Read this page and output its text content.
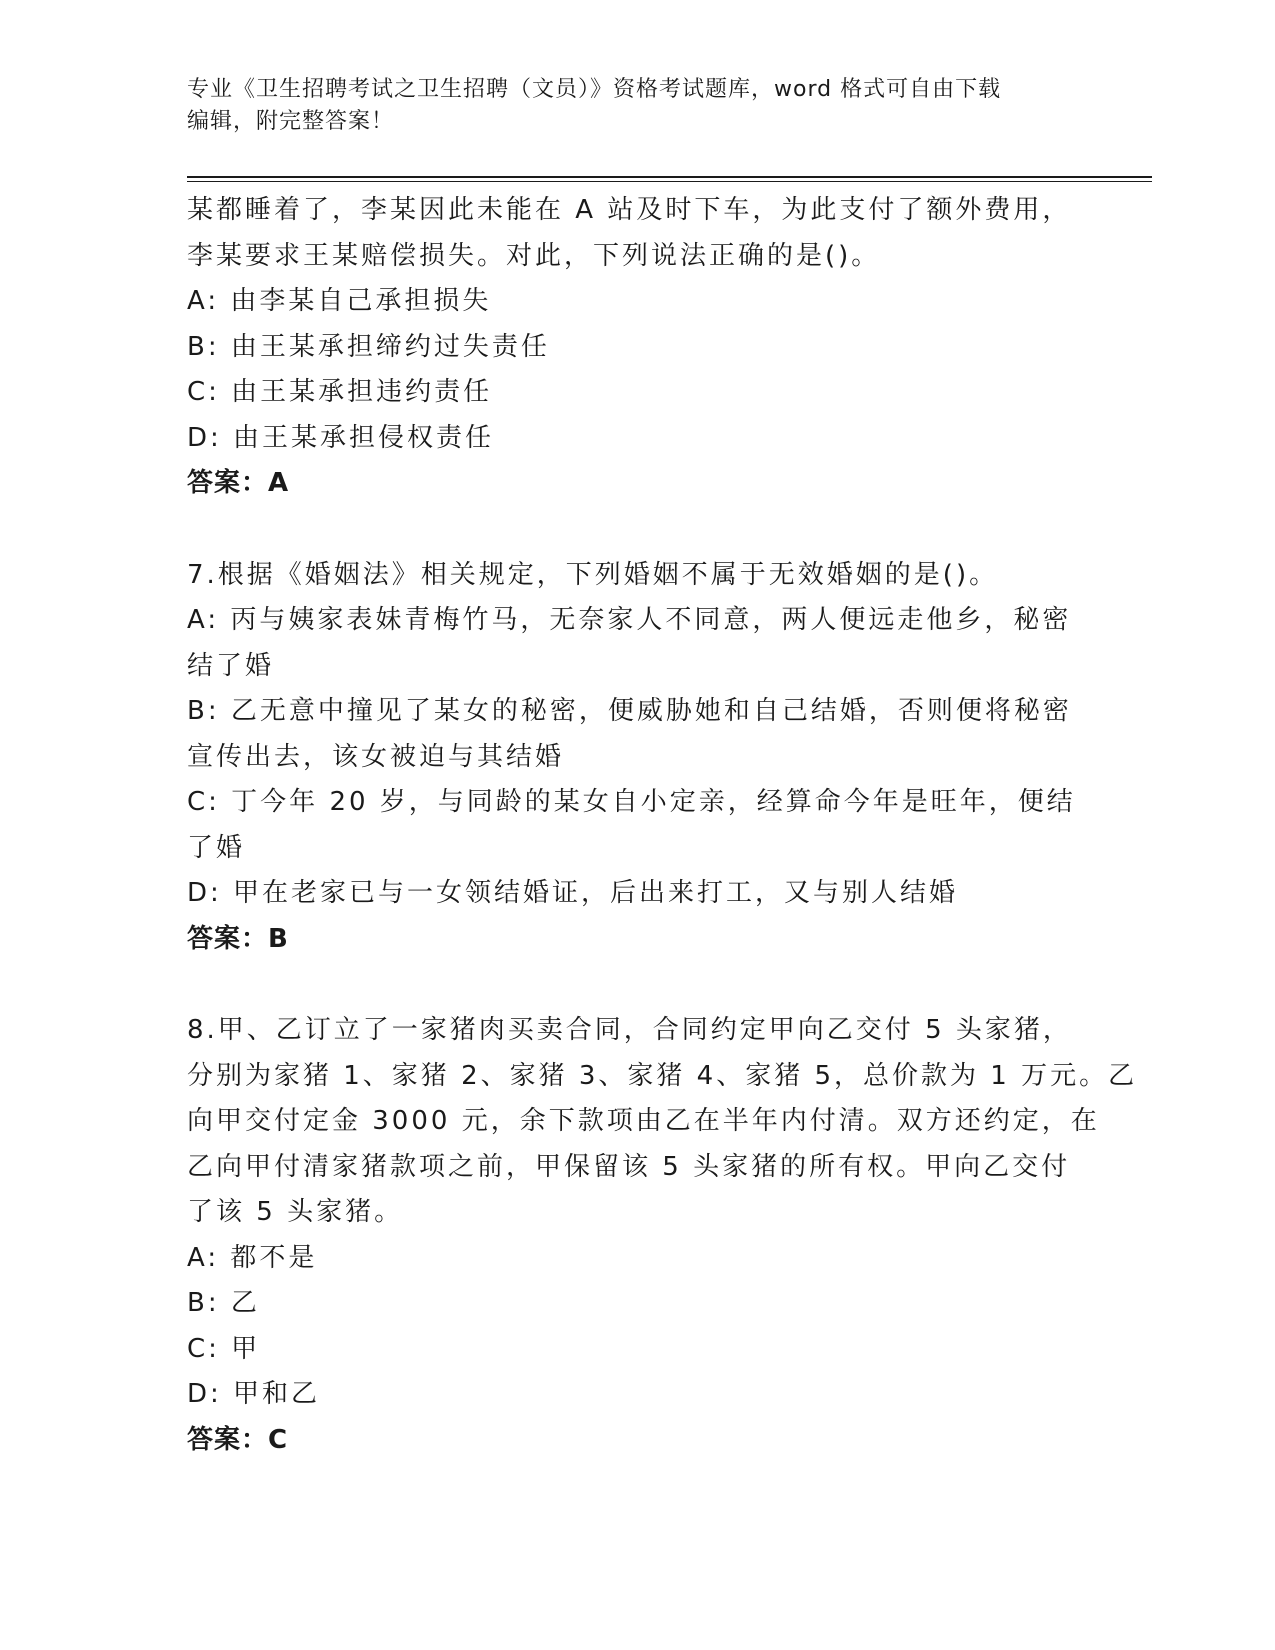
专业《卫生招聘考试之卫生招聘（文员）》资格考试题库，word 格式可自由下载
编辑，附完整答案！
某都睡着了，李某因此未能在 A 站及时下车，为此支付了额外费用，
李某要求王某赔偿损失。对此，下列说法正确的是()。
A: 由李某自己承担损失
B: 由王某承担缔约过失责任
C: 由王某承担违约责任
D: 由王某承担侵权责任
答案：A
7.根据《婚姻法》相关规定，下列婚姻不属于无效婚姻的是()。
A: 丙与姨家表妹青梅竹马，无奈家人不同意，两人便远走他乡，秘密
结了婚
B: 乙无意中撞见了某女的秘密，便威胁她和自己结婚，否则便将秘密
宣传出去，该女被迫与其结婚
C: 丁今年 20 岁，与同龄的某女自小定亲，经算命今年是旺年，便结
了婚
D: 甲在老家已与一女领结婚证，后出来打工，又与别人结婚
答案：B
8.甲、乙订立了一家猪肉买卖合同，合同约定甲向乙交付 5 头家猪，
分别为家猪 1、家猪 2、家猪 3、家猪 4、家猪 5，总价款为 1 万元。乙
向甲交付定金 3000 元，余下款项由乙在半年内付清。双方还约定，在
乙向甲付清家猪款项之前，甲保留该 5 头家猪的所有权。甲向乙交付
了该 5 头家猪。
A: 都不是
B: 乙
C: 甲
D: 甲和乙
答案：C
